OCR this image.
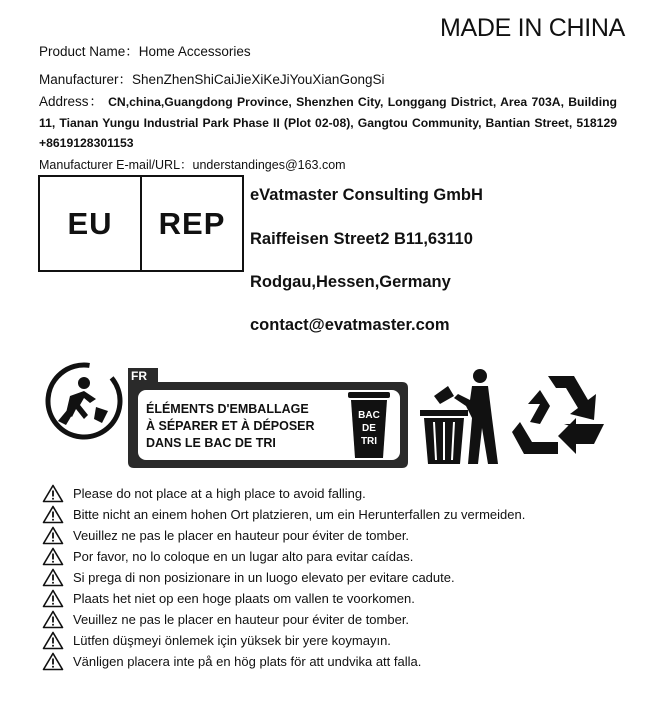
MADE IN CHINA
Product Name：Home Accessories
Manufacturer：ShenZhenShiCaiJieXiKeJiYouXianGongSi
Address： CN,china,Guangdong Province, Shenzhen City, Longgang District, Area 703A, Building 11, Tianan Yungu Industrial Park Phase II (Plot 02-08), Gangtou Community, Bantian Street, 518129 +8619128301153
Manufacturer E-mail/URL：understandinges@163.com
EU	REP
eVatmaster Consulting GmbH
Raiffeisen Street2 B11,63110
Rodgau,Hessen,Germany
contact@evatmaster.com
FR
ÉLÉMENTS D'EMBALLAGE
À SÉPARER ET À DÉPOSER
DANS LE BAC DE TRI
BAC
DE
TRI
Please do not place at a high place to avoid falling.
Bitte nicht an einem hohen Ort platzieren, um ein Herunterfallen zu vermeiden.
Veuillez ne pas le placer en hauteur pour éviter de tomber.
Por favor, no lo coloque en un lugar alto para evitar caídas.
Si prega di non posizionare in un luogo elevato per evitare cadute.
Plaats het niet op een hoge plaats om vallen te voorkomen.
Veuillez ne pas le placer en hauteur pour éviter de tomber.
Lütfen düşmeyi önlemek için yüksek bir yere koymayın.
Vänligen placera inte på en hög plats för att undvika att falla.
